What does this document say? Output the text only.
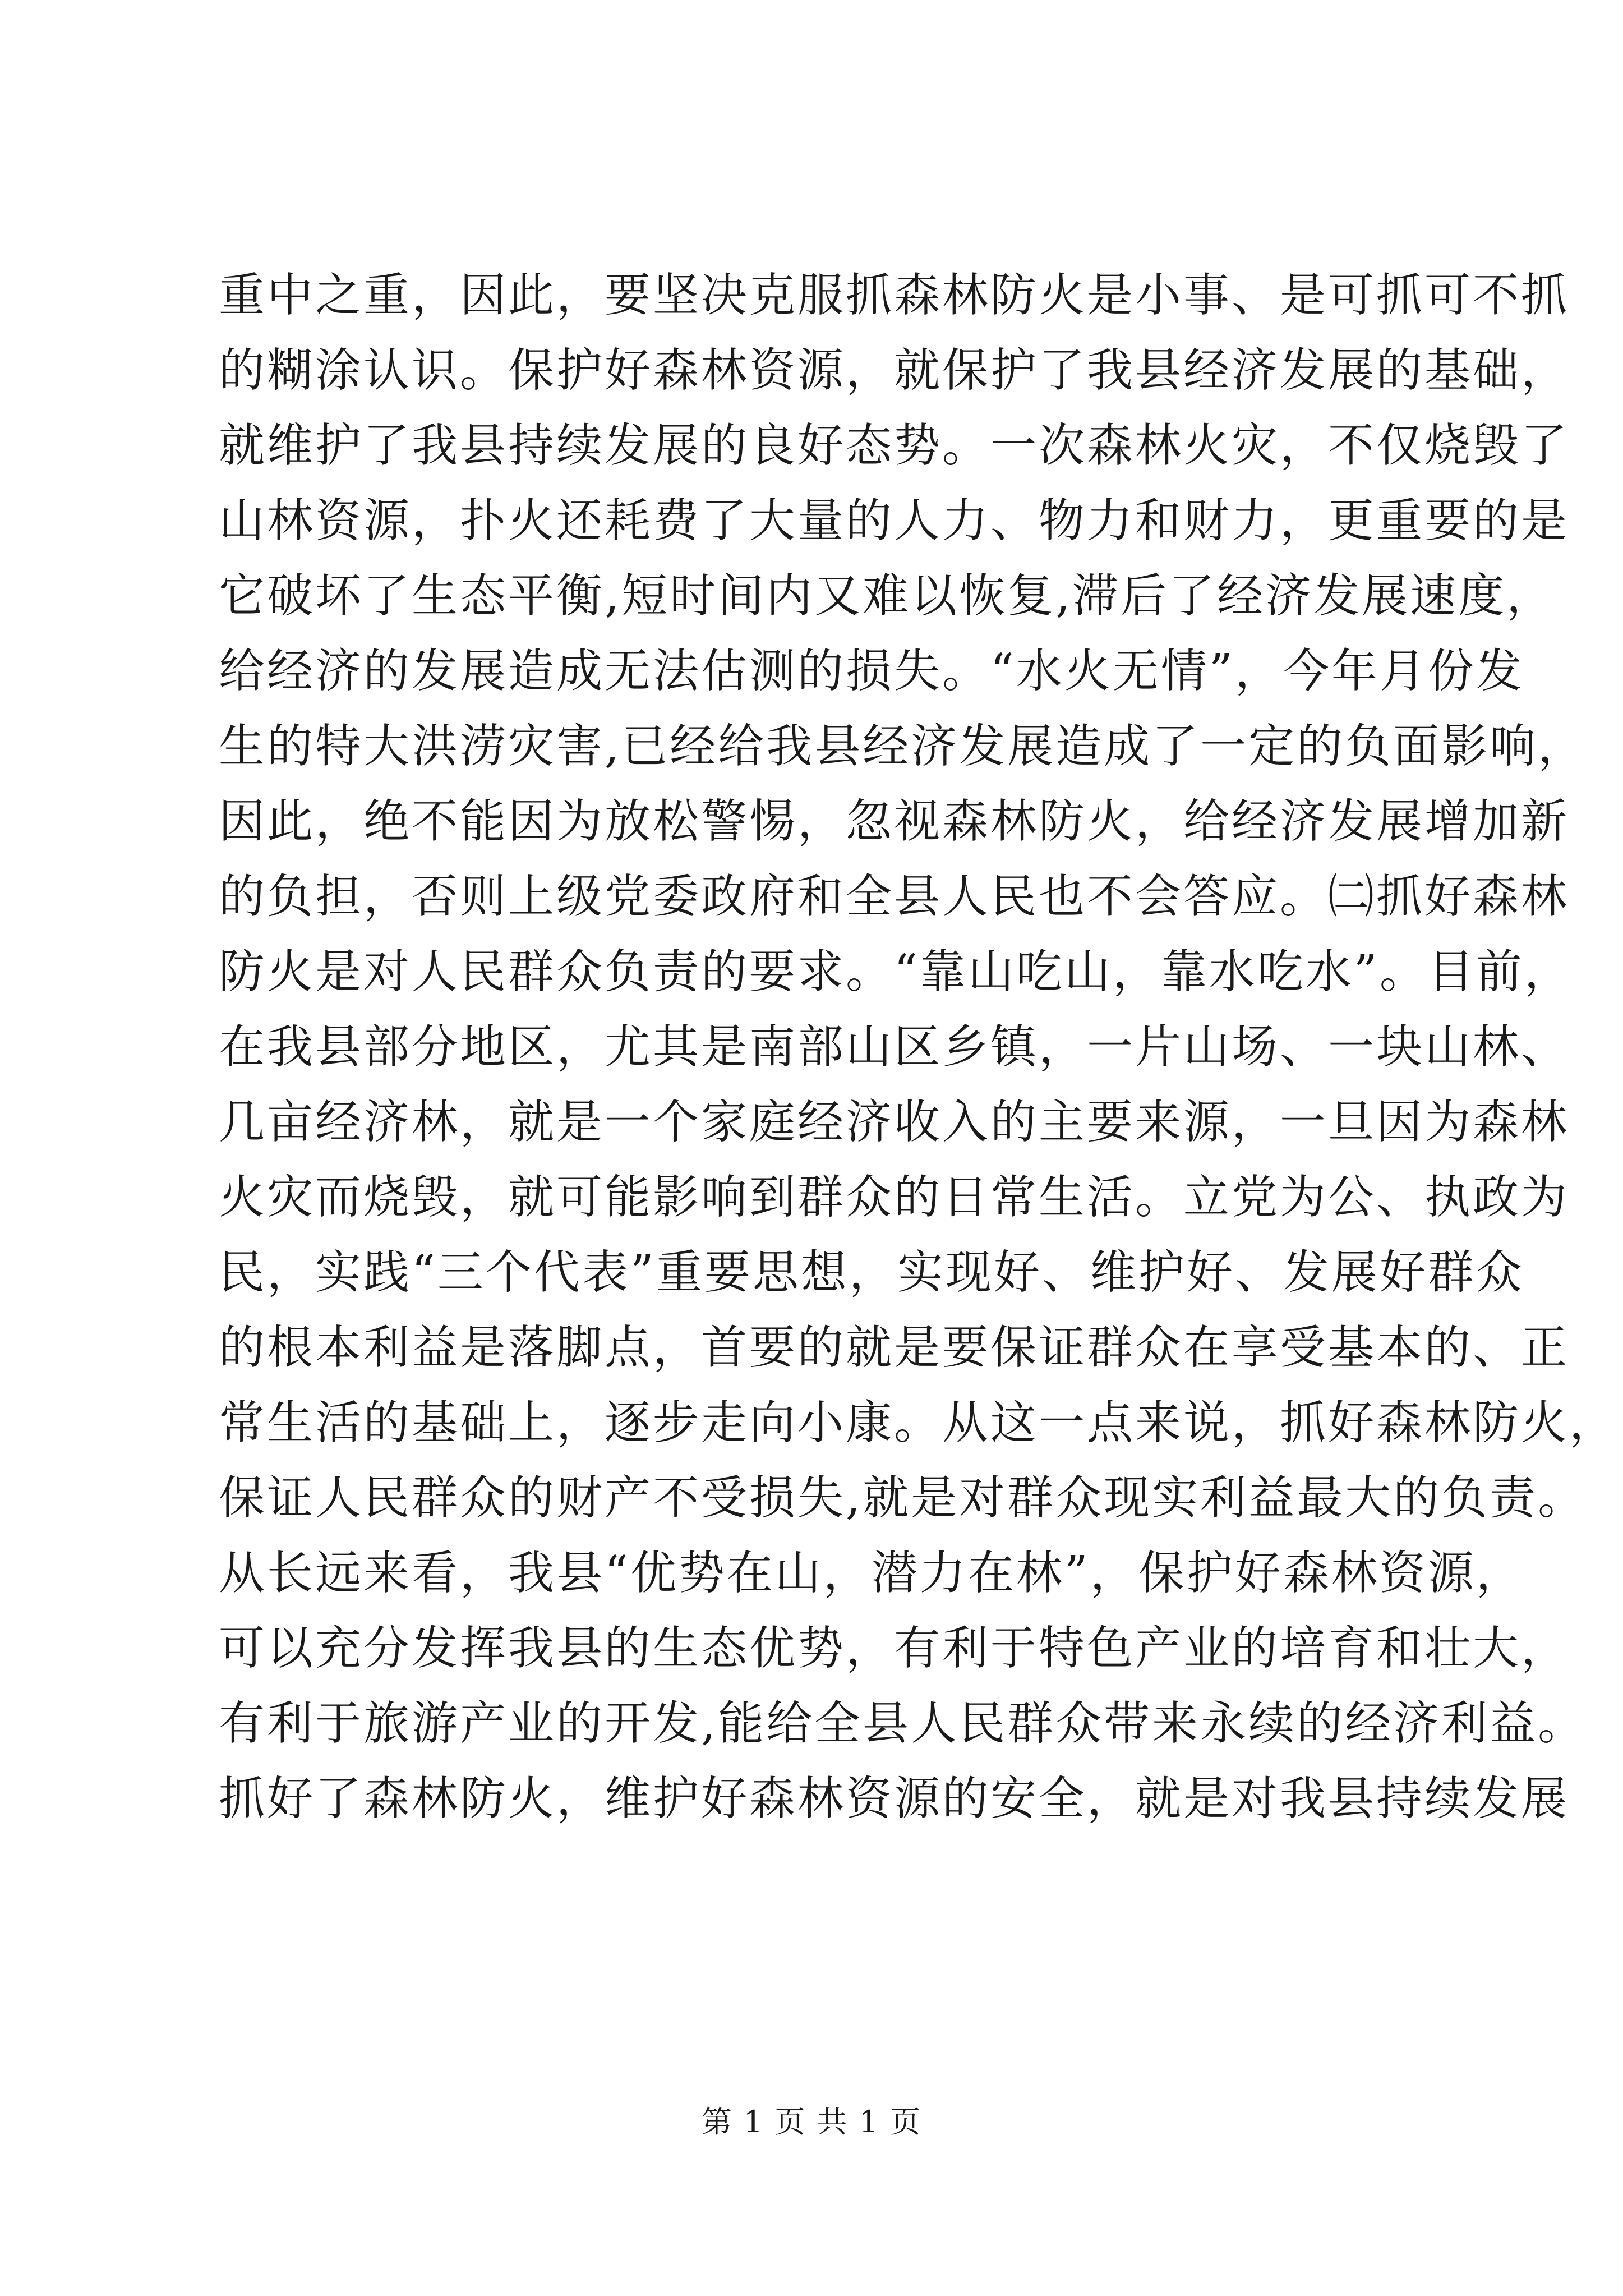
重中之重，因此，要坚决克服抓森林防火是小事、是可抓可不抓
的糊涂认识。保护好森林资源，就保护了我县经济发展的基础，
就维护了我县持续发展的良好态势。一次森林火灾，不仅烧毁了
山林资源，扑火还耗费了大量的人力、物力和财力，更重要的是
它破坏了生态平衡,短时间内又难以恢复,滞后了经济发展速度，
给经济的发展造成无法估测的损失。“水火无情”，今年月份发
生的特大洪涝灾害,已经给我县经济发展造成了一定的负面影响，
因此，绝不能因为放松警惕，忽视森林防火，给经济发展增加新
的负担，否则上级党委政府和全县人民也不会答应。㈡抓好森林
防火是对人民群众负责的要求。“靠山吃山，靠水吃水”。目前，
在我县部分地区，尤其是南部山区乡镇，一片山场、一块山林、
几亩经济林，就是一个家庭经济收入的主要来源，一旦因为森林
火灾而烧毁，就可能影响到群众的日常生活。立党为公、执政为
民，实践“三个代表”重要思想，实现好、维护好、发展好群众
的根本利益是落脚点，首要的就是要保证群众在享受基本的、正
常生活的基础上，逐步走向小康。从这一点来说，抓好森林防火，
保证人民群众的财产不受损失,就是对群众现实利益最大的负责。
从长远来看，我县“优势在山，潜力在林”，保护好森林资源，
可以充分发挥我县的生态优势，有利于特色产业的培育和壮大，
有利于旅游产业的开发,能给全县人民群众带来永续的经济利益。
抓好了森林防火，维护好森林资源的安全，就是对我县持续发展
第 1 页 共 1 页
